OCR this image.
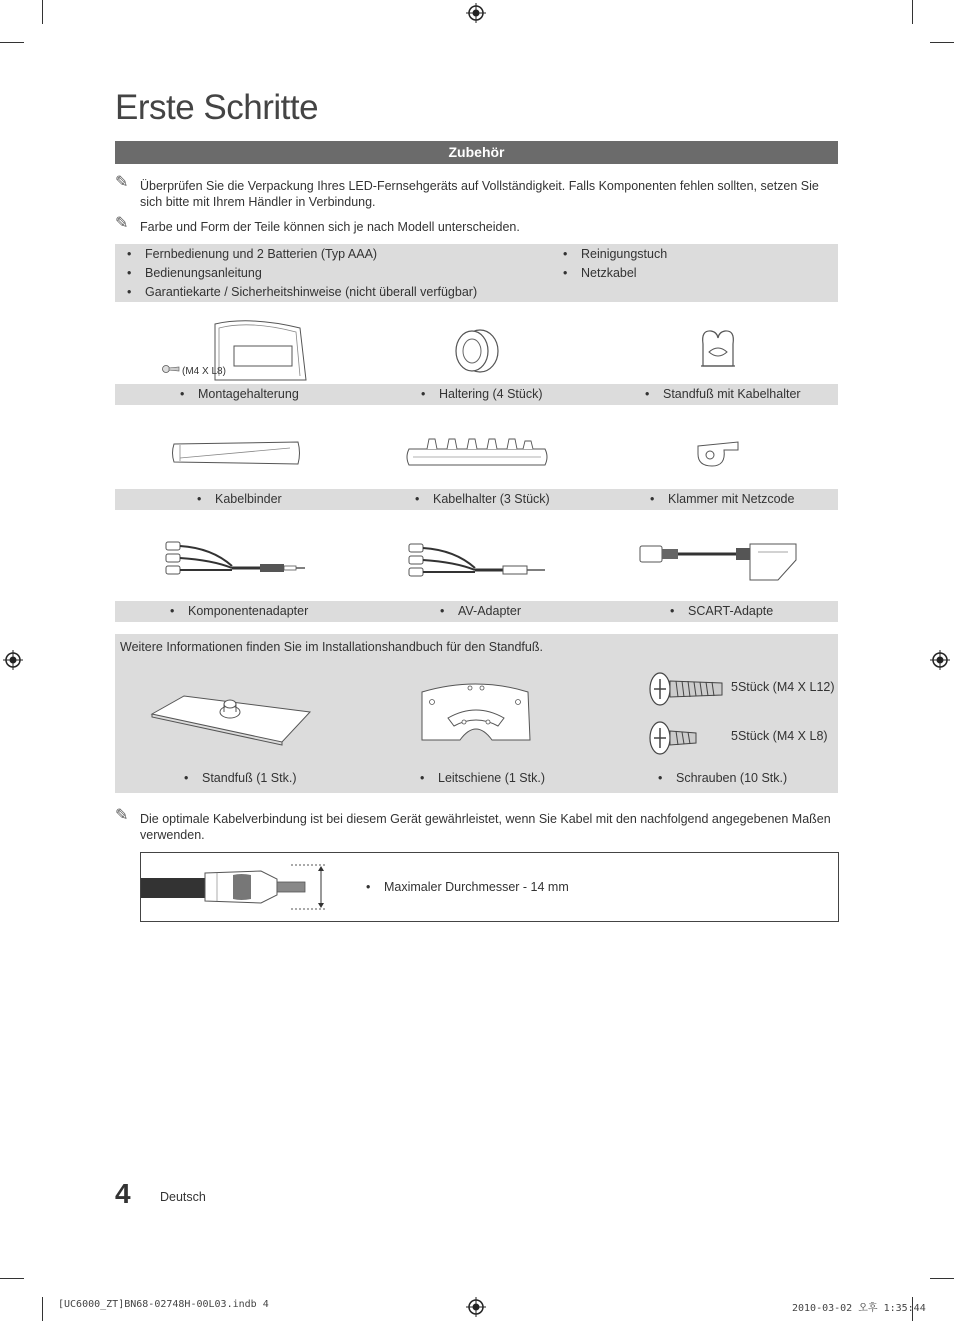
Erste Schritte
Zubehör
✎ Überprüfen Sie die Verpackung Ihres LED-Fernsehgeräts auf Vollständigkeit. Falls Komponenten fehlen sollten, setzen Sie sich bitte mit Ihrem Händler in Verbindung.
✎ Farbe und Form der Teile können sich je nach Modell unterscheiden.
• Fernbedienung und 2 Batterien (Typ AAA)
• Bedienungsanleitung
• Garantiekarte / Sicherheitshinweise (nicht überall verfügbar)
• Reinigungstuch
• Netzkabel
(M4 X L8)
• Montagehalterung	• Haltering (4 Stück)	• Standfuß mit Kabelhalter
• Kabelbinder	• Kabelhalter (3 Stück)	• Klammer mit Netzcode
• Komponentenadapter	• AV-Adapter	• SCART-Adapte
Weitere Informationen finden Sie im Installationshandbuch für den Standfuß.
5Stück (M4 X L12)
5Stück (M4 X L8)
• Standfuß (1 Stk.)	• Leitschiene (1 Stk.)	• Schrauben (10 Stk.)
✎ Die optimale Kabelverbindung ist bei diesem Gerät gewährleistet, wenn Sie Kabel mit den nachfolgend angegebenen Maßen verwenden.
• Maximaler Durchmesser - 14 mm
4 Deutsch
[UC6000_ZT]BN68-02748H-00L03.indb 4	2010-03-02 오후 1:35:44
